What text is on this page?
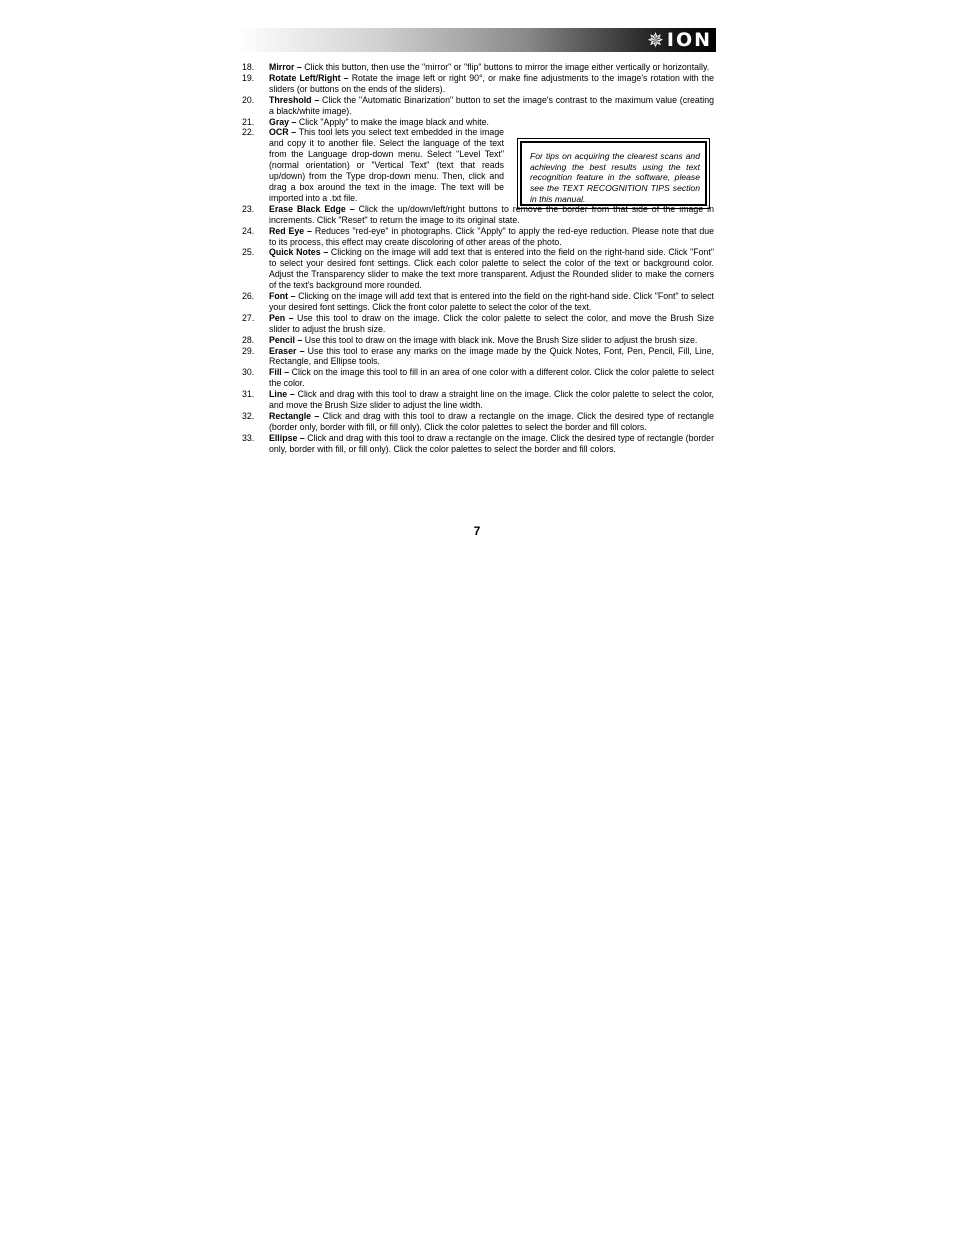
✵ ION
18. Mirror – Click this button, then use the "mirror" or "flip" buttons to mirror the image either vertically or horizontally.
19. Rotate Left/Right – Rotate the image left or right 90°, or make fine adjustments to the image's rotation with the sliders (or buttons on the ends of the sliders).
20. Threshold – Click the "Automatic Binarization" button to set the image's contrast to the maximum value (creating a black/white image).
21. Gray – Click "Apply" to make the image black and white.
22. OCR – This tool lets you select text embedded in the image and copy it to another file. Select the language of the text from the Language drop-down menu. Select "Level Text" (normal orientation) or "Vertical Text" (text that reads up/down) from the Type drop-down menu. Then, click and drag a box around the text in the image. The text will be imported into a .txt file.
23. Erase Black Edge – Click the up/down/left/right buttons to remove the border from that side of the image in increments. Click "Reset" to return the image to its original state.
24. Red Eye – Reduces "red-eye" in photographs. Click "Apply" to apply the red-eye reduction. Please note that due to its process, this effect may create discoloring of other areas of the photo.
25. Quick Notes – Clicking on the image will add text that is entered into the field on the right-hand side. Click "Font" to select your desired font settings. Click each color palette to select the color of the text or background color. Adjust the Transparency slider to make the text more transparent. Adjust the Rounded slider to make the corners of the text's background more rounded.
26. Font – Clicking on the image will add text that is entered into the field on the right-hand side. Click "Font" to select your desired font settings. Click the front color palette to select the color of the text.
27. Pen – Use this tool to draw on the image. Click the color palette to select the color, and move the Brush Size slider to adjust the brush size.
28. Pencil – Use this tool to draw on the image with black ink. Move the Brush Size slider to adjust the brush size.
29. Eraser – Use this tool to erase any marks on the image made by the Quick Notes, Font, Pen, Pencil, Fill, Line, Rectangle, and Ellipse tools.
30. Fill – Click on the image this tool to fill in an area of one color with a different color. Click the color palette to select the color.
31. Line – Click and drag with this tool to draw a straight line on the image. Click the color palette to select the color, and move the Brush Size slider to adjust the line width.
32. Rectangle – Click and drag with this tool to draw a rectangle on the image. Click the desired type of rectangle (border only, border with fill, or fill only). Click the color palettes to select the border and fill colors.
33. Ellipse – Click and drag with this tool to draw a rectangle on the image. Click the desired type of rectangle (border only, border with fill, or fill only). Click the color palettes to select the border and fill colors.
For tips on acquiring the clearest scans and achieving the best results using the text recognition feature in the software, please see the TEXT RECOGNITION TIPS section in this manual.
7
